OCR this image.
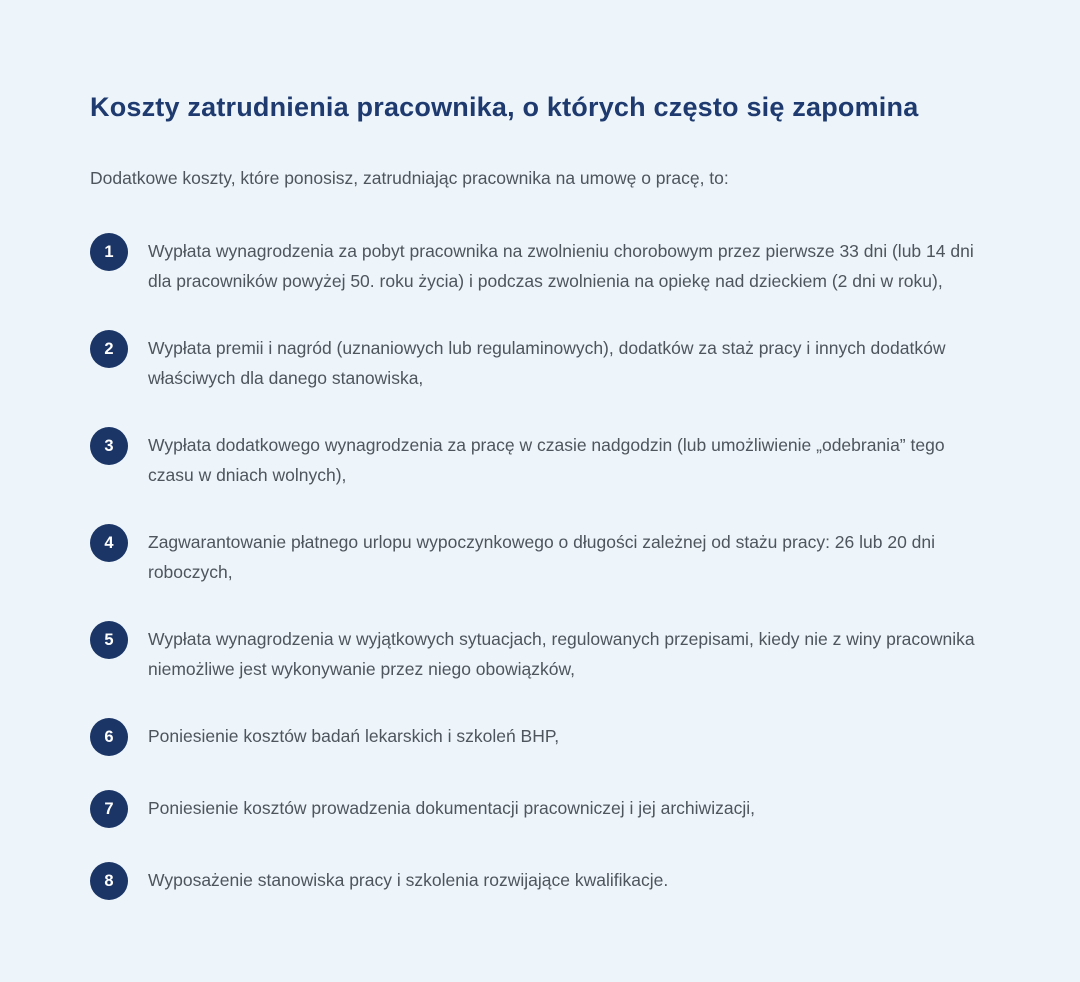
Koszty zatrudnienia pracownika, o których często się zapomina

Dodatkowe koszty, które ponosisz, zatrudniając pracownika na umowę o pracę, to:

1	Wypłata wynagrodzenia za pobyt pracownika na zwolnieniu chorobowym przez pierwsze 33 dni (lub 14 dni dla pracowników powyżej 50. roku życia) i podczas zwolnienia na opiekę nad dzieckiem (2 dni w roku),
2	Wypłata premii i nagród (uznaniowych lub regulaminowych), dodatków za staż pracy i innych dodatków właściwych dla danego stanowiska,
3	Wypłata dodatkowego wynagrodzenia za pracę w czasie nadgodzin (lub umożliwienie „odebrania” tego czasu w dniach wolnych),
4	Zagwarantowanie płatnego urlopu wypoczynkowego o długości zależnej od stażu pracy: 26 lub 20 dni roboczych,
5	Wypłata wynagrodzenia w wyjątkowych sytuacjach, regulowanych przepisami, kiedy nie z winy pracownika niemożliwe jest wykonywanie przez niego obowiązków,
6	Poniesienie kosztów badań lekarskich i szkoleń BHP,
7	Poniesienie kosztów prowadzenia dokumentacji pracowniczej i jej archiwizacji,
8	Wyposażenie stanowiska pracy i szkolenia rozwijające kwalifikacje.
